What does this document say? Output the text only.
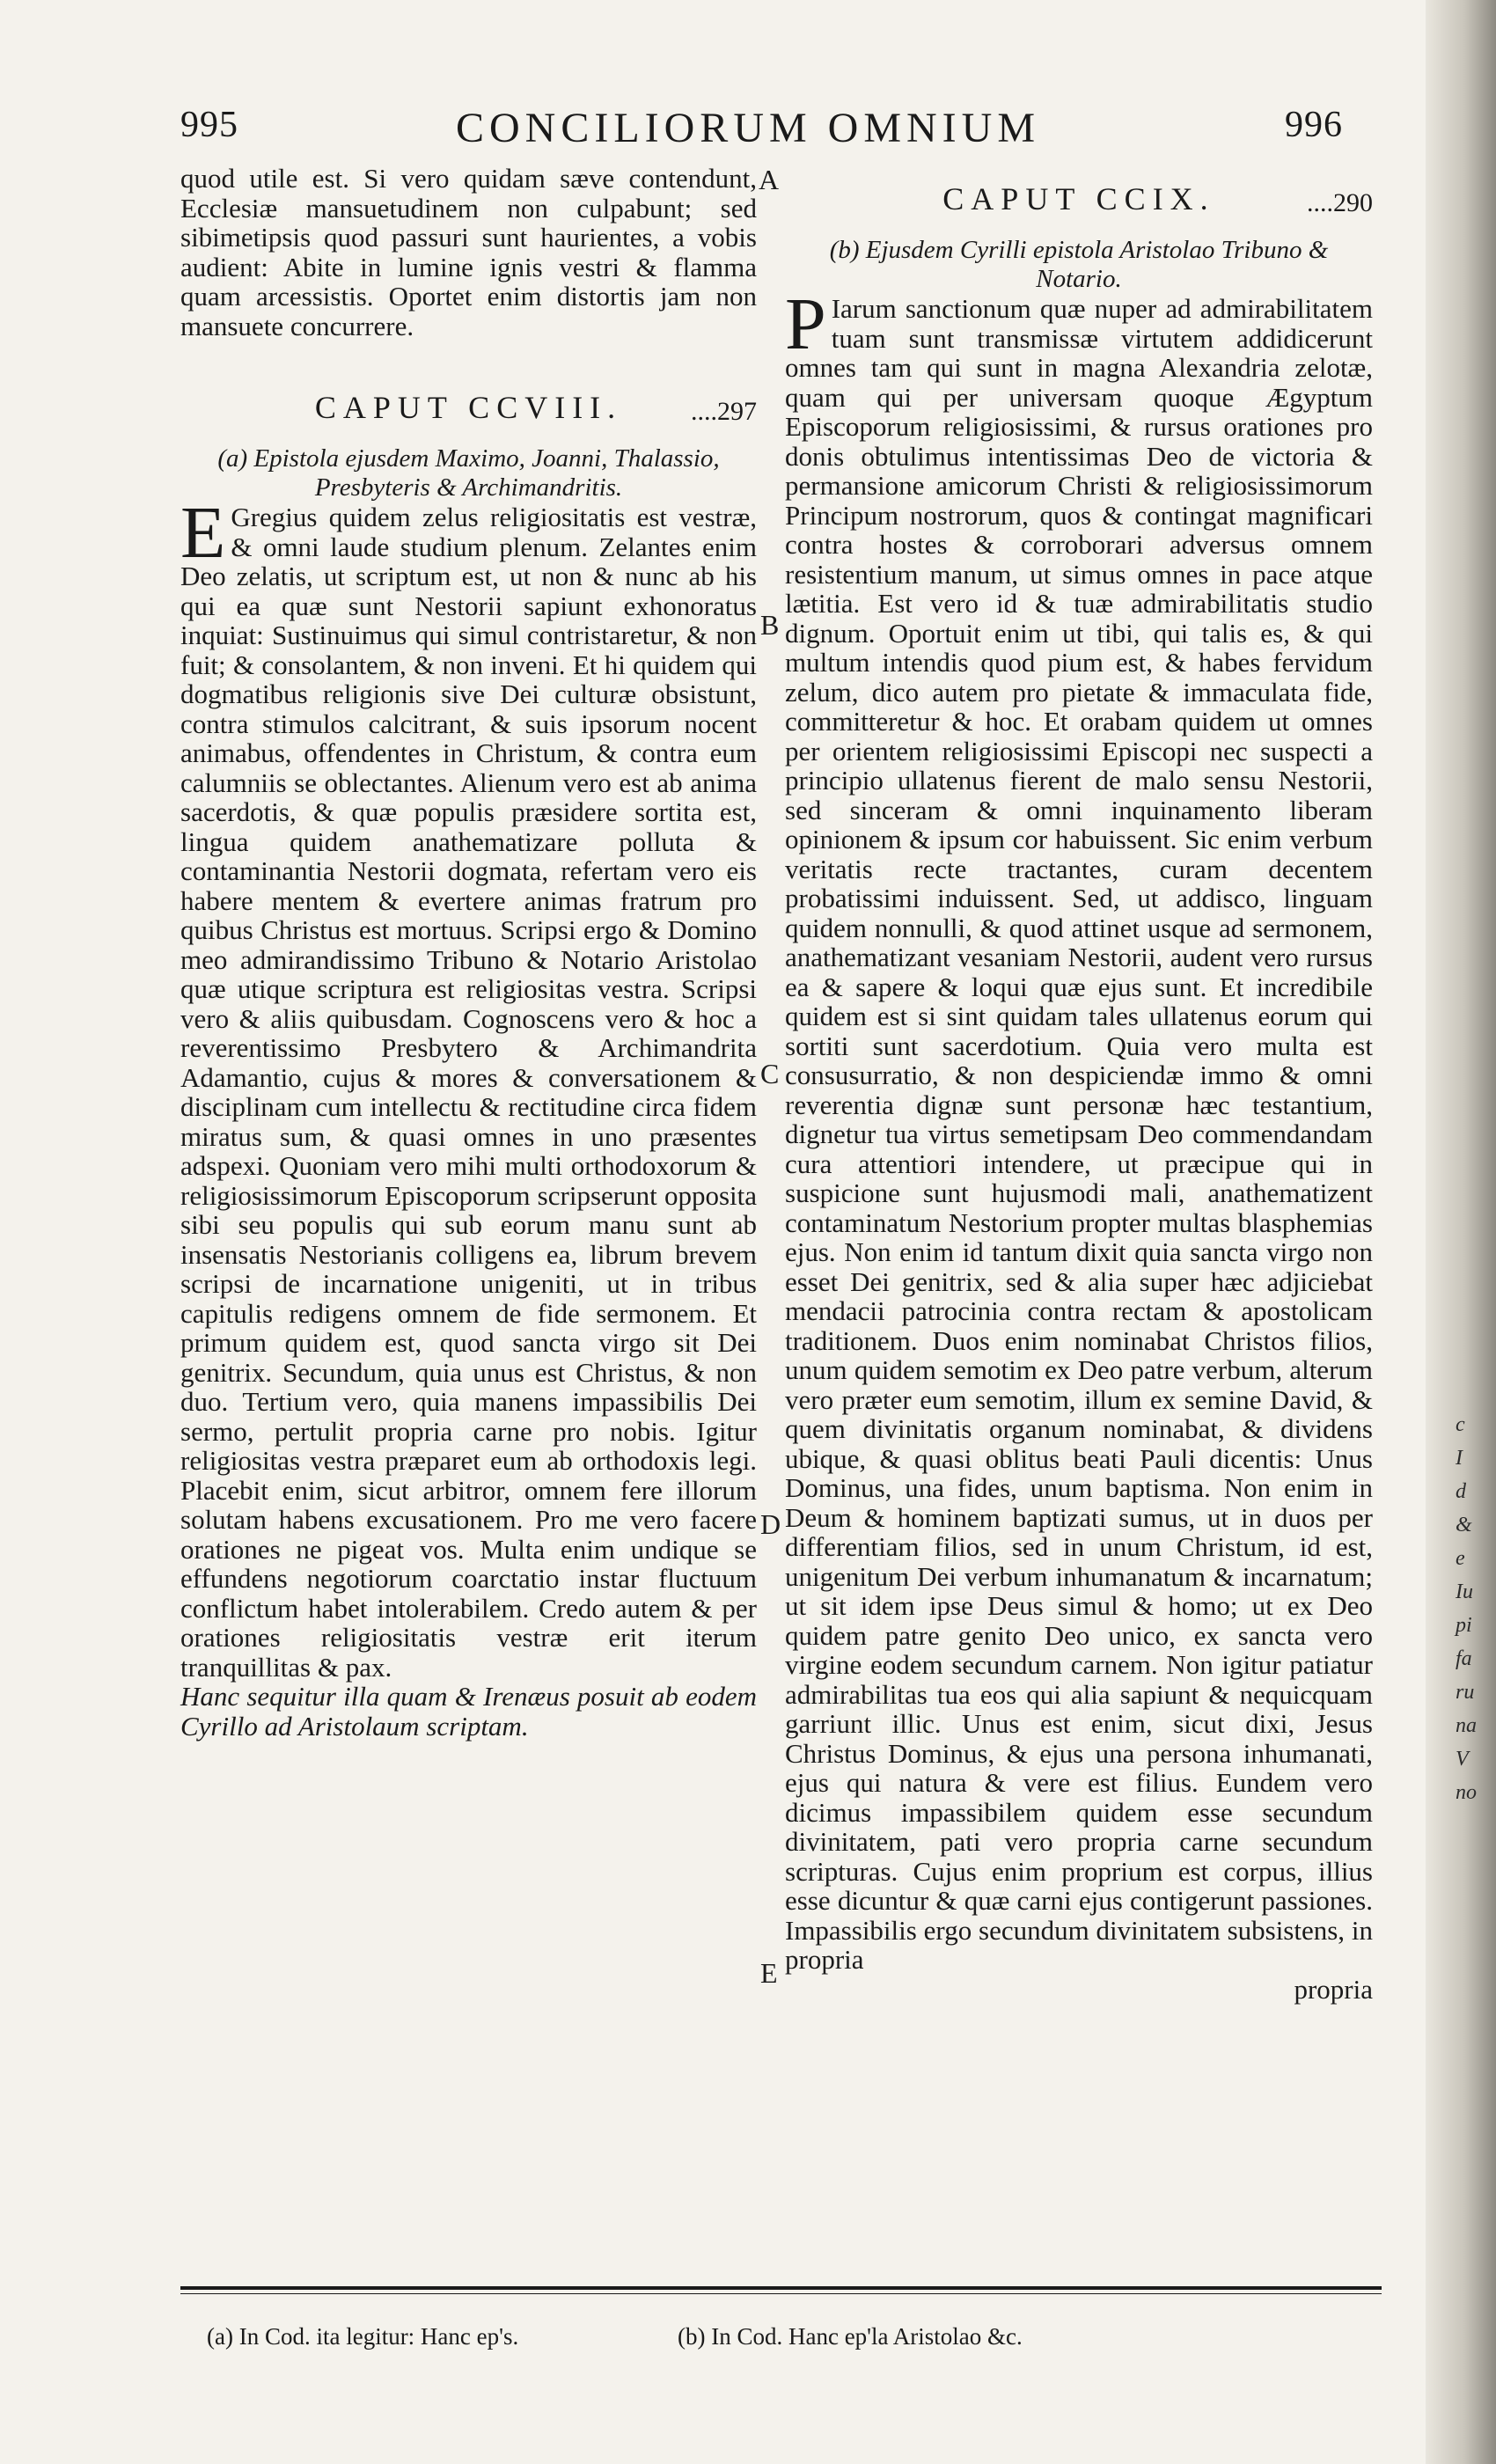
c
I
d
&
e
Iu
pi
fa
ru
na
V
no
995	CONCILIORUM OMNIUM	996

quod utile est. Si vero quidam sæve contendunt, Ecclesiæ mansuetudinem non culpabunt; sed sibimetipsis quod passuri sunt haurientes, a vobis audient: Abite in lumine ignis vestri & flamma quam arcessistis. Oportet enim distortis jam non mansuete concurrere.

CAPUT CCVIII.	....297

(a) Epistola ejusdem Maximo, Joanni, Thalassio, Presbyteris & Archimandritis.

E Gregius quidem zelus religiositatis est vestræ, & omni laude studium plenum. Zelantes enim Deo zelatis, ut scriptum est, ut non & nunc ab his qui ea quæ sunt Nestorii sapiunt exhonoratus inquiat: Sustinuimus qui simul contristaretur, & non fuit; & consolantem, & non inveni. Et hi quidem qui dogmatibus religionis sive Dei culturæ obsistunt, contra stimulos calcitrant, & suis ipsorum nocent animabus, offendentes in Christum, & contra eum calumniis se oblectantes. Alienum vero est ab anima sacerdotis, & quæ populis præsidere sortita est, lingua quidem anathematizare polluta & contaminantia Nestorii dogmata, refertam vero eis habere mentem & evertere animas fratrum pro quibus Christus est mortuus. Scripsi ergo & Domino meo admirandissimo Tribuno & Notario Aristolao quæ utique scriptura est religiositas vestra. Scripsi vero & aliis quibusdam. Cognoscens vero & hoc a reverentissimo Presbytero & Archimandrita Adamantio, cujus & mores & conversationem & disciplinam cum intellectu & rectitudine circa fidem miratus sum, & quasi omnes in uno præsentes adspexi. Quoniam vero mihi multi orthodoxorum & religiosissimorum Episcoporum scripserunt opposita sibi seu populis qui sub eorum manu sunt ab insensatis Nestorianis colligens ea, librum brevem scripsi de incarnatione unigeniti, ut in tribus capitulis redigens omnem de fide sermonem. Et primum quidem est, quod sancta virgo sit Dei genitrix. Secundum, quia unus est Christus, & non duo. Tertium vero, quia manens impassibilis Dei sermo, pertulit propria carne pro nobis. Igitur religiositas vestra præparet eum ab orthodoxis legi. Placebit enim, sicut arbitror, omnem fere illorum solutam habens excusationem. Pro me vero facere orationes ne pigeat vos. Multa enim undique se effundens negotiorum coarctatio instar fluctuum conflictum habet intolerabilem. Credo autem & per orationes religiositatis vestræ erit iterum tranquillitas & pax.

Hanc sequitur illa quam & Irenæus posuit ab eodem Cyrillo ad Aristolaum scriptam.

CAPUT CCIX.	....290

(b) Ejusdem Cyrilli epistola Aristolao Tribuno & Notario.

P Iarum sanctionum quæ nuper ad admirabilitatem tuam sunt transmissæ virtutem addidicerunt omnes tam qui sunt in magna Alexandria zelotæ, quam qui per universam quoque Ægyptum Episcoporum religiosissimi, & rursus orationes pro donis obtulimus intentissimas Deo de victoria & permansione amicorum Christi & religiosissimorum Principum nostrorum, quos & contingat magnificari contra hostes & corroborari adversus omnem resistentium manum, ut simus omnes in pace atque lætitia. Est vero id & tuæ admirabilitatis studio dignum. Oportuit enim ut tibi, qui talis es, & qui multum intendis quod pium est, & habes fervidum zelum, dico autem pro pietate & immaculata fide, committeretur & hoc. Et orabam quidem ut omnes per orientem religiosissimi Episcopi nec suspecti a principio ullatenus fierent de malo sensu Nestorii, sed sinceram & omni inquinamento liberam opinionem & ipsum cor habuissent. Sic enim verbum veritatis recte tractantes, curam decentem probatissimi induissent. Sed, ut addisco, linguam quidem nonnulli, & quod attinet usque ad sermonem, anathematizant vesaniam Nestorii, audent vero rursus ea & sapere & loqui quæ ejus sunt. Et incredibile quidem est si sint quidam tales ullatenus eorum qui sortiti sunt sacerdotium. Quia vero multa est consusurratio, & non despiciendæ immo & omni reverentia dignæ sunt personæ hæc testantium, dignetur tua virtus semetipsam Deo commendandam cura attentiori intendere, ut præcipue qui in suspicione sunt hujusmodi mali, anathematizent contaminatum Nestorium propter multas blasphemias ejus. Non enim id tantum dixit quia sancta virgo non esset Dei genitrix, sed & alia super hæc adjiciebat mendacii patrocinia contra rectam & apostolicam traditionem. Duos enim nominabat Christos filios, unum quidem semotim ex Deo patre verbum, alterum vero præter eum semotim, illum ex semine David, & quem divinitatis organum nominabat, & dividens ubique, & quasi oblitus beati Pauli dicentis: Unus Dominus, una fides, unum baptisma. Non enim in Deum & hominem baptizati sumus, ut in duos per differentiam filios, sed in unum Christum, id est, unigenitum Dei verbum inhumanatum & incarnatum; ut sit idem ipse Deus simul & homo; ut ex Deo quidem patre genito Deo unico, ex sancta vero virgine eodem secundum carnem. Non igitur patiatur admirabilitas tua eos qui alia sapiunt & nequicquam garriunt illic. Unus est enim, sicut dixi, Jesus Christus Dominus, & ejus una persona inhumanati, ejus qui natura & vere est filius. Eundem vero dicimus impassibilem quidem esse secundum divinitatem, pati vero propria carne secundum scripturas. Cujus enim proprium est corpus, illius esse dicuntur & quæ carni ejus contigerunt passiones. Impassibilis ergo secundum divinitatem subsistens, in propria

propria
A
B
C
D
E
(a) In Cod. ita legitur: Hanc ep's.	(b) In Cod. Hanc ep'la Aristolao &c.
